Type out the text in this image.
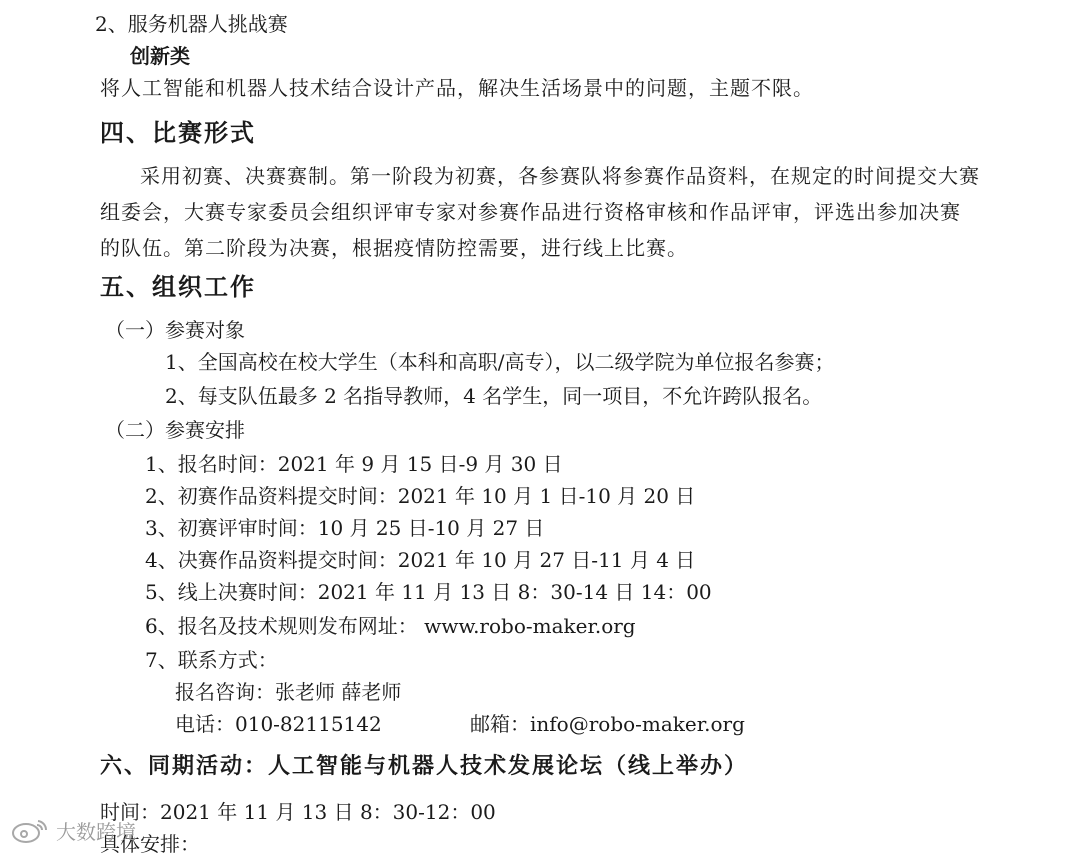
2、服务机器人挑战赛
创新类
将人工智能和机器人技术结合设计产品，解决生活场景中的问题，主题不限。
四、比赛形式
采用初赛、决赛赛制。第一阶段为初赛，各参赛队将参赛作品资料，在规定的时间提交大赛组委会，大赛专家委员会组织评审专家对参赛作品进行资格审核和作品评审，评选出参加决赛的队伍。第二阶段为决赛，根据疫情防控需要，进行线上比赛。
五、组织工作
（一）参赛对象
1、全国高校在校大学生（本科和高职/高专），以二级学院为单位报名参赛；
2、每支队伍最多 2 名指导教师，4 名学生，同一项目，不允许跨队报名。
（二）参赛安排
1、报名时间：2021 年 9 月 15 日-9 月 30 日
2、初赛作品资料提交时间：2021 年 10 月 1 日-10 月 20 日
3、初赛评审时间：10 月 25 日-10 月 27 日
4、决赛作品资料提交时间：2021 年 10 月 27 日-11 月 4 日
5、线上决赛时间：2021 年 11 月 13 日 8：30-14 日 14：00
6、报名及技术规则发布网址： www.robo-maker.org
7、联系方式：
报名咨询：张老师 薛老师
电话：010-82115142	邮箱：info@robo-maker.org
六、同期活动：人工智能与机器人技术发展论坛（线上举办）
时间：2021 年 11 月 13 日 8：30-12：00
具体安排：
大数跨境
